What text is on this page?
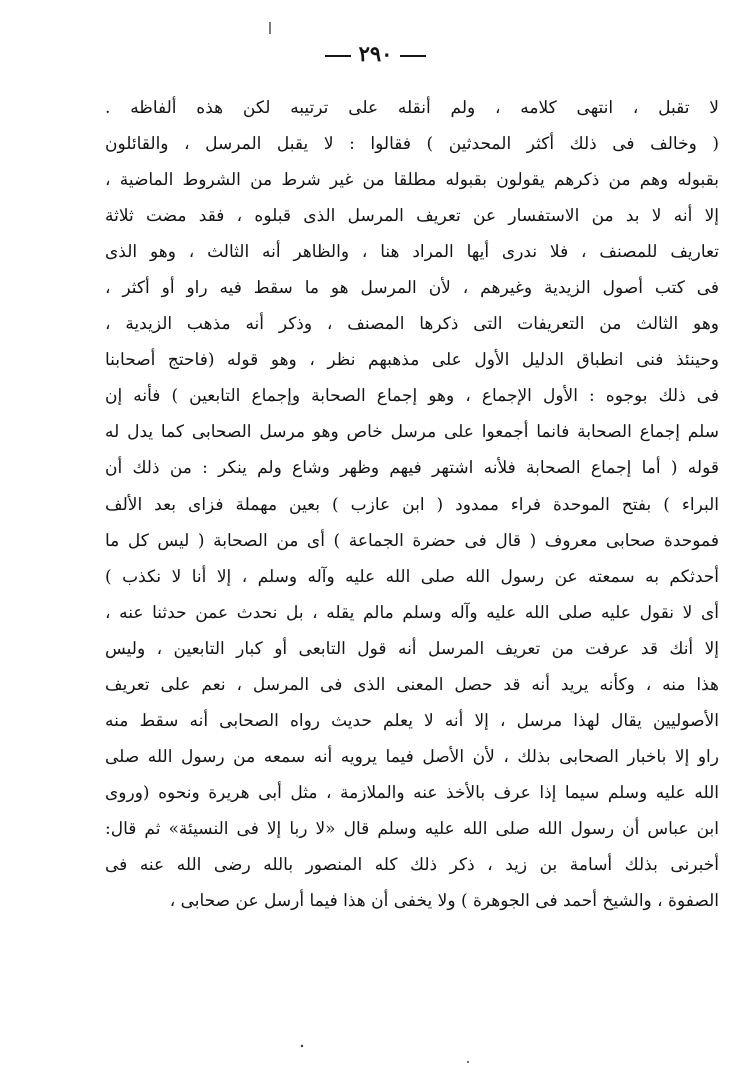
٢٩٠
لا تقبل ، انتهى كلامه ، ولم أنقله على ترتيبه لكن هذه ألفاظه .
( وخالف فى ذلك أكثر المحدثين ) فقالوا : لا يقبل المرسل ، والقائلون
بقبوله وهم من ذكرهم يقولون بقبوله مطلقا من غير شرط من الشروط الماضية ،
إلا أنه لا بد من الاستفسار عن تعريف المرسل الذى قبلوه ، فقد مضت ثلاثة
تعاريف للمصنف ، فلا ندرى أيها المراد هنا ، والظاهر أنه الثالث ، وهو الذى
فى كتب أصول الزيدية وغيرهم ، لأن المرسل هو ما سقط فيه راو أو أكثر ،
وهو الثالث من التعريفات التى ذكرها المصنف ، وذكر أنه مذهب الزيدية ،
وحينئذ فنى انطباق الدليل الأول على مذهبهم نظر ، وهو قوله (فاحتج أصحابنا
فى ذلك بوجوه : الأول الإجماع ، وهو إجماع الصحابة وإجماع التابعين ) فأنه إن
سلم إجماع الصحابة فانما أجمعوا على مرسل خاص وهو مرسل الصحابى كما يدل له
قوله ( أما إجماع الصحابة فلأنه اشتهر فيهم وظهر وشاع ولم ينكر : من ذلك أن
البراء ) بفتح الموحدة فراء ممدود ( ابن عازب ) بعين مهملة فزاى بعد الألف
فموحدة صحابى معروف ( قال فى حضرة الجماعة ) أى من الصحابة ( ليس كل ما
أحدثكم به سمعته عن رسول الله صلى الله عليه وآله وسلم ، إلا أنا لا نكذب )
أى لا نقول عليه صلى الله عليه وآله وسلم مالم يقله ، بل نحدث عمن حدثنا عنه ،
إلا أنك قد عرفت من تعريف المرسل أنه قول التابعى أو كبار التابعين ، وليس
هذا منه ، وكأنه يريد أنه قد حصل المعنى الذى فى المرسل ، نعم على تعريف
الأصوليين يقال لهذا مرسل ، إلا أنه لا يعلم حديث رواه الصحابى أنه سقط منه
راو إلا باخبار الصحابى بذلك ، لأن الأصل فيما يرويه أنه سمعه من رسول الله صلى
الله عليه وسلم سيما إذا عرف بالأخذ عنه والملازمة ، مثل أبى هريرة ونحوه (وروى
ابن عباس أن رسول الله صلى الله عليه وسلم قال «لا ربا إلا فى النسيئة» ثم قال:
أخبرنى بذلك أسامة بن زيد ، ذكر ذلك كله المنصور بالله رضى الله عنه فى
الصفوة ، والشيخ أحمد فى الجوهرة ) ولا يخفى أن هذا فيما أرسل عن صحابى ،
